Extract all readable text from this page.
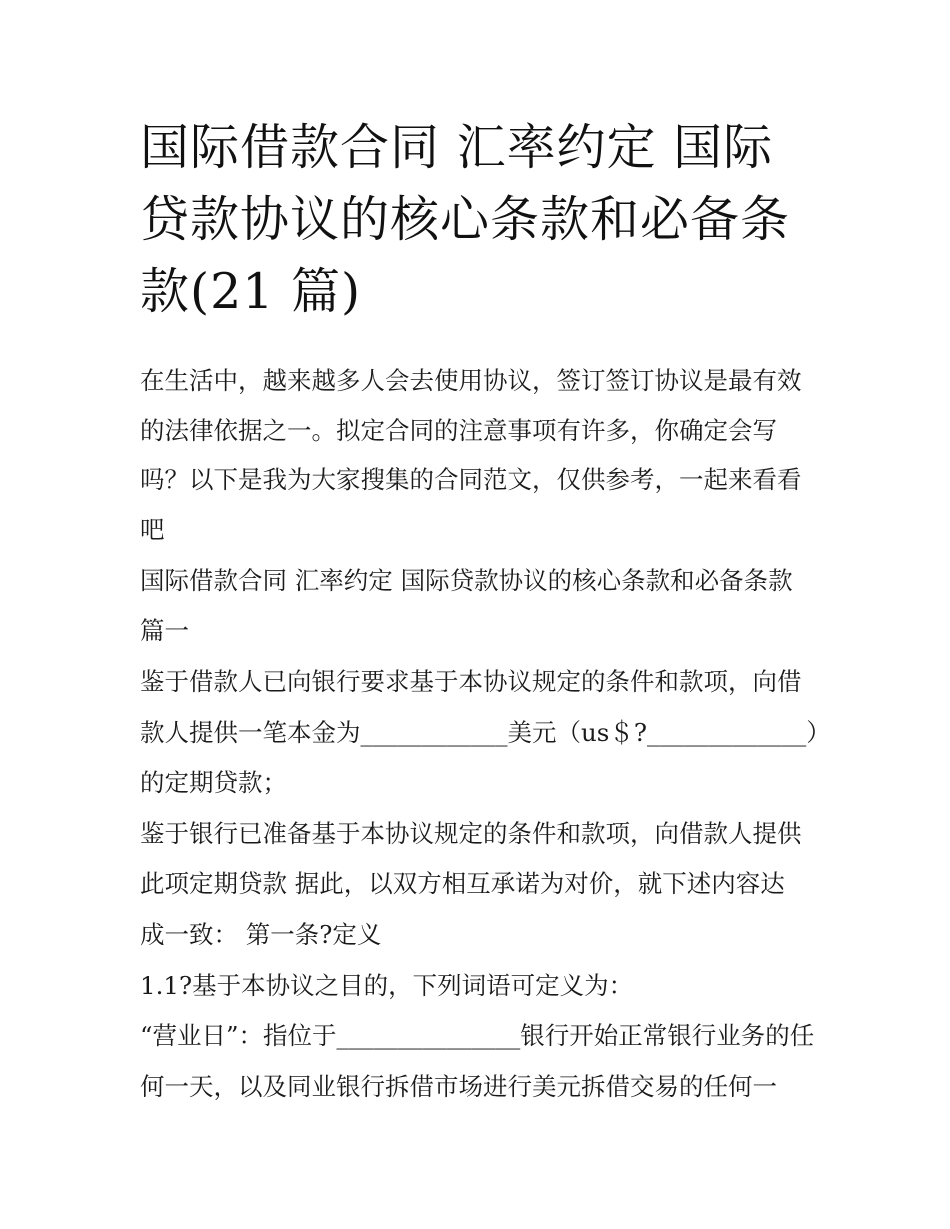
国际借款合同 汇率约定 国际
贷款协议的核心条款和必备条
款(21 篇)

在生活中，越来越多人会去使用协议，签订签订协议是最有效

的法律依据之一。拟定合同的注意事项有许多，你确定会写

吗？以下是我为大家搜集的合同范文，仅供参考，一起来看看

吧

国际借款合同 汇率约定 国际贷款协议的核心条款和必备条款

篇一

鉴于借款人已向银行要求基于本协议规定的条件和款项，向借

款人提供一笔本金为____________美元（us＄?_____________）

的定期贷款；

鉴于银行已准备基于本协议规定的条件和款项，向借款人提供

此项定期贷款 据此，以双方相互承诺为对价，就下述内容达

成一致： 第一条?定义

1.1?基于本协议之目的，下列词语可定义为：

“营业日”：指位于_______________银行开始正常银行业务的任

何一天，以及同业银行拆借市场进行美元拆借交易的任何一
